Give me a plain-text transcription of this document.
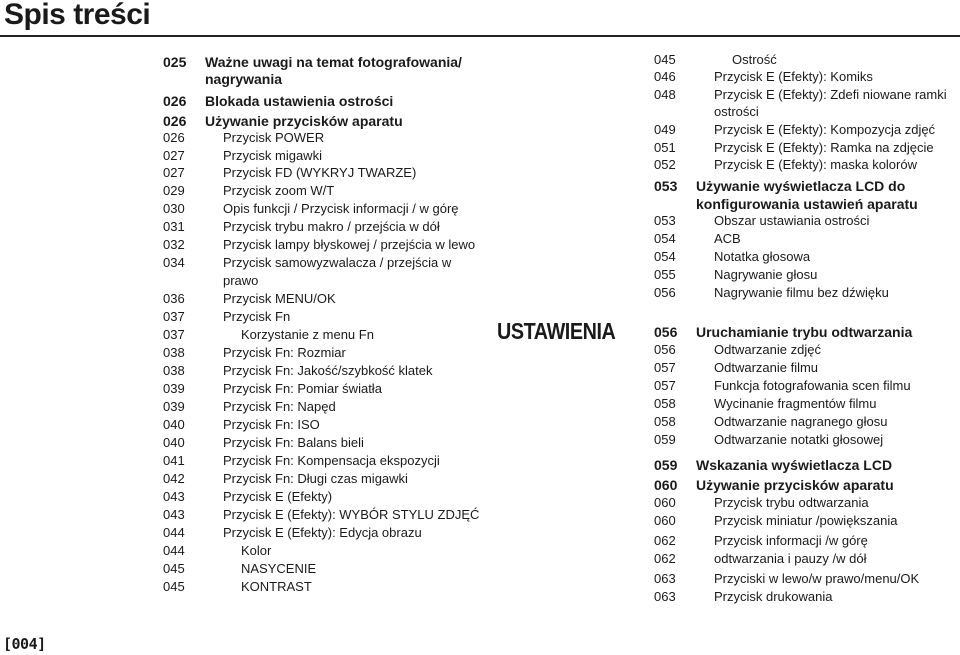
Spis treści
025 Ważne uwagi na temat fotografowania/
nagrywania
026 Blokada ustawienia ostrości
026 Używanie przycisków aparatu
026	Przycisk POWER
027	Przycisk migawki
027	Przycisk FD (WYKRYJ TWARZE)
029	Przycisk zoom W/T
030	Opis funkcji / Przycisk informacji / w górę
031	Przycisk trybu makro / przejścia w dół
032	Przycisk lampy błyskowej / przejścia w lewo
034	Przycisk samowyzwalacza / przejścia w
prawo
036	Przycisk MENU/OK
037	Przycisk Fn
037	Korzystanie z menu Fn
038	Przycisk Fn: Rozmiar
038	Przycisk Fn: Jakość/szybkość klatek
039	Przycisk Fn: Pomiar światła
039	Przycisk Fn: Napęd
040	Przycisk Fn: ISO
040	Przycisk Fn: Balans bieli
041	Przycisk Fn: Kompensacja ekspozycji
042	Przycisk Fn: Długi czas migawki
043	Przycisk E (Efekty)
043	Przycisk E (Efekty): WYBÓR STYLU ZDJĘĆ
044	Przycisk E (Efekty): Edycja obrazu
044	Kolor
045	NASYCENIE
045	KONTRAST
045	Ostrość
046	Przycisk E (Efekty): Komiks
048	Przycisk E (Efekty): Zdefi niowane ramki
ostrości
049	Przycisk E (Efekty): Kompozycja zdjęć
051	Przycisk E (Efekty): Ramka na zdjęcie
052	Przycisk E (Efekty): maska kolorów
053 Używanie wyświetlacza LCD do
konfigurowania ustawień aparatu
053	Obszar ustawiania ostrości
054	ACB
054	Notatka głosowa
055	Nagrywanie głosu
056	Nagrywanie filmu bez dźwięku
056 Uruchamianie trybu odtwarzania
056	Odtwarzanie zdjęć
057	Odtwarzanie filmu
057	Funkcja fotografowania scen filmu
058	Wycinanie fragmentów filmu
058	Odtwarzanie nagranego głosu
059	Odtwarzanie notatki głosowej
059 Wskazania wyświetlacza LCD
060 Używanie przycisków aparatu
060	Przycisk trybu odtwarzania
060	Przycisk miniatur /powiększania
062	Przycisk informacji /w górę
062	odtwarzania i pauzy /w dół
063	Przyciski w lewo/w prawo/menu/OK
063	Przycisk drukowania
USTAWIENIA
[004]
